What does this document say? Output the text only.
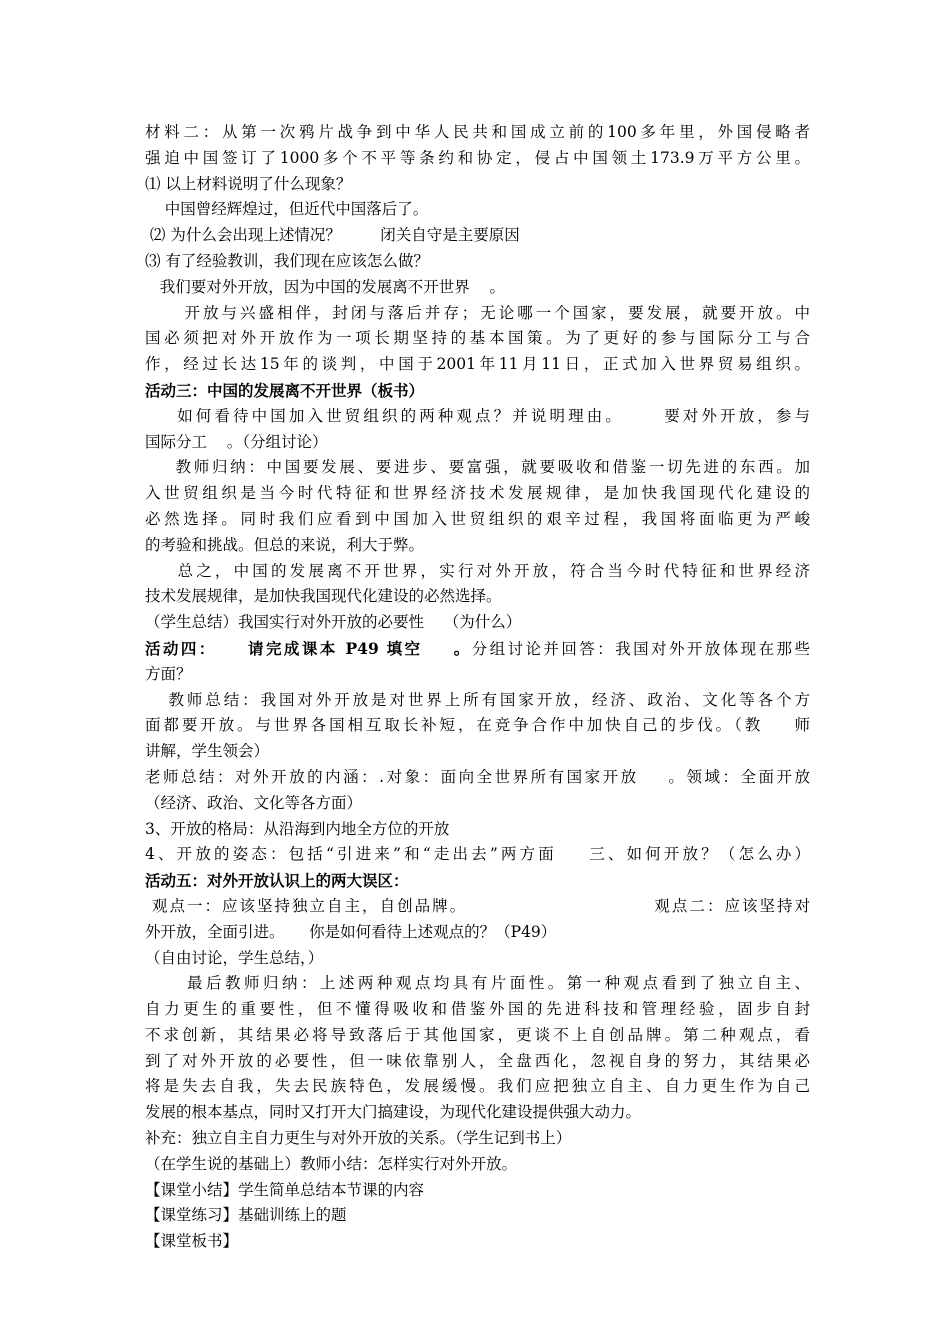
材料二：从第一次鸦片战争到中华人民共和国成立前的100多年里，外国侵略者
强迫中国签订了1000多个不平等条约和协定，侵占中国领土173.9万平方公里。
⑴ 以上材料说明了什么现象？
中国曾经辉煌过，但近代中国落后了。
⑵ 为什么会出现上述情况？        闭关自守是主要原因
⑶ 有了经验教训，我们现在应该怎么做？
我们要对外开放，因为中国的发展离不开世界    。
开放与兴盛相伴，封闭与落后并存；无论哪一个国家，要发展，就要开放。中
国必须把对外开放作为一项长期坚持的基本国策。为了更好的参与国际分工与合
作，经过长达15年的谈判，中国于2001年11月11日，正式加入世界贸易组织。
活动三：中国的发展离不开世界（板书）
如何看待中国加入世贸组织的两种观点？并说明理由。     要对外开放，参与
国际分工    。（分组讨论）
教师归纳：中国要发展、要进步、要富强，就要吸收和借鉴一切先进的东西。加
入世贸组织是当今时代特征和世界经济技术发展规律，是加快我国现代化建设的
必然选择。同时我们应看到中国加入世贸组织的艰辛过程，我国将面临更为严峻
的考验和挑战。但总的来说，利大于弊。
总之，中国的发展离不开世界，实行对外开放，符合当今时代特征和世界经济
技术发展规律，是加快我国现代化建设的必然选择。
（学生总结）我国实行对外开放的必要性    （为什么）
活动四：    请完成课本 P49 填空    。分组讨论并回答：我国对外开放体现在那些
方面？
教师总结：我国对外开放是对世界上所有国家开放，经济、政治、文化等各个方
面都要开放。与世界各国相互取长补短，在竞争合作中加快自己的步伐。（教    师
讲解，学生领会）
老师总结：对外开放的内涵：.对象：面向全世界所有国家开放    。领域：全面开放
（经济、政治、文化等各方面）
3、开放的格局：从沿海到内地全方位的开放
4、开放的姿态：包括“引进来”和“走出去”两方面    三、如何开放？（怎么办）
活动五：对外开放认识上的两大误区：
观点一：应该坚持独立自主，自创品牌。                           观点二：应该坚持对
外开放，全面引进。     你是如何看待上述观点的？（P49）
（自由讨论，学生总结，）
最后教师归纳：上述两种观点均具有片面性。第一种观点看到了独立自主、
自力更生的重要性，但不懂得吸收和借鉴外国的先进科技和管理经验，固步自封
不求创新，其结果必将导致落后于其他国家，更谈不上自创品牌。第二种观点，看
到了对外开放的必要性，但一味依靠别人，全盘西化，忽视自身的努力，其结果必
将是失去自我，失去民族特色，发展缓慢。我们应把独立自主、自力更生作为自己
发展的根本基点，同时又打开大门搞建设，为现代化建设提供强大动力。
补充：独立自主自力更生与对外开放的关系。（学生记到书上）
（在学生说的基础上）教师小结：怎样实行对外开放。
【课堂小结】学生简单总结本节课的内容
【课堂练习】基础训练上的题
【课堂板书】
